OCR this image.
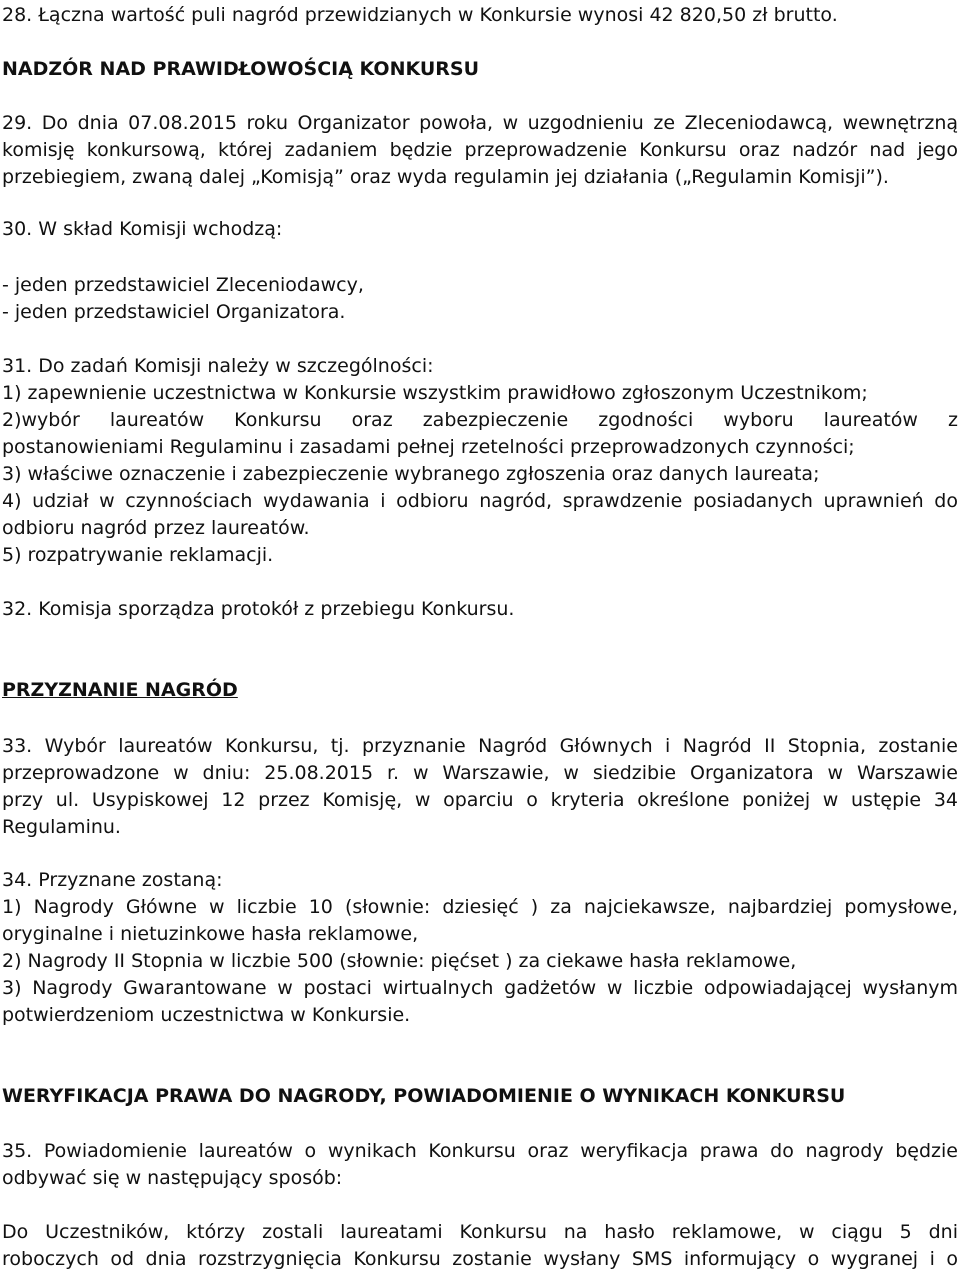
28. Łączna wartość puli nagród przewidzianych w Konkursie wynosi 42 820,50 zł brutto.
NADZÓR NAD PRAWIDŁOWOŚCIĄ KONKURSU
29. Do dnia 07.08.2015 roku Organizator powoła, w uzgodnieniu ze Zleceniodawcą, wewnętrzną
komisję konkursową, której zadaniem będzie przeprowadzenie Konkursu oraz nadzór nad jego
przebiegiem, zwaną dalej „Komisją” oraz wyda regulamin jej działania („Regulamin Komisji”).
30. W skład Komisji wchodzą:
- jeden przedstawiciel Zleceniodawcy,
- jeden przedstawiciel Organizatora.
31. Do zadań Komisji należy w szczególności:
1) zapewnienie uczestnictwa w Konkursie wszystkim prawidłowo zgłoszonym Uczestnikom;
2)wybór laureatów Konkursu oraz zabezpieczenie zgodności wyboru laureatów z
postanowieniami Regulaminu i zasadami pełnej rzetelności przeprowadzonych czynności;
3) właściwe oznaczenie i zabezpieczenie wybranego zgłoszenia oraz danych laureata;
4) udział w czynnościach wydawania i odbioru nagród, sprawdzenie posiadanych uprawnień do
odbioru nagród przez laureatów.
5) rozpatrywanie reklamacji.
32. Komisja sporządza protokół z przebiegu Konkursu.
PRZYZNANIE NAGRÓD
33. Wybór laureatów Konkursu, tj. przyznanie Nagród Głównych i Nagród II Stopnia, zostanie
przeprowadzone w dniu: 25.08.2015 r. w Warszawie, w siedzibie Organizatora w Warszawie
przy ul. Usypiskowej 12 przez Komisję, w oparciu o kryteria określone poniżej w ustępie 34
Regulaminu.
34. Przyznane zostaną:
1) Nagrody Główne w liczbie 10 (słownie: dziesięć ) za najciekawsze, najbardziej pomysłowe,
oryginalne i nietuzinkowe hasła reklamowe,
2) Nagrody II Stopnia w liczbie 500 (słownie: pięćset ) za ciekawe hasła reklamowe,
3) Nagrody Gwarantowane w postaci wirtualnych gadżetów w liczbie odpowiadającej wysłanym
potwierdzeniom uczestnictwa w Konkursie.
WERYFIKACJA PRAWA DO NAGRODY, POWIADOMIENIE O WYNIKACH KONKURSU
35. Powiadomienie laureatów o wynikach Konkursu oraz weryfikacja prawa do nagrody będzie
odbywać się w następujący sposób:
Do Uczestników, którzy zostali laureatami Konkursu na hasło reklamowe, w ciągu 5 dni
roboczych od dnia rozstrzygnięcia Konkursu zostanie wysłany SMS informujący o wygranej i o
